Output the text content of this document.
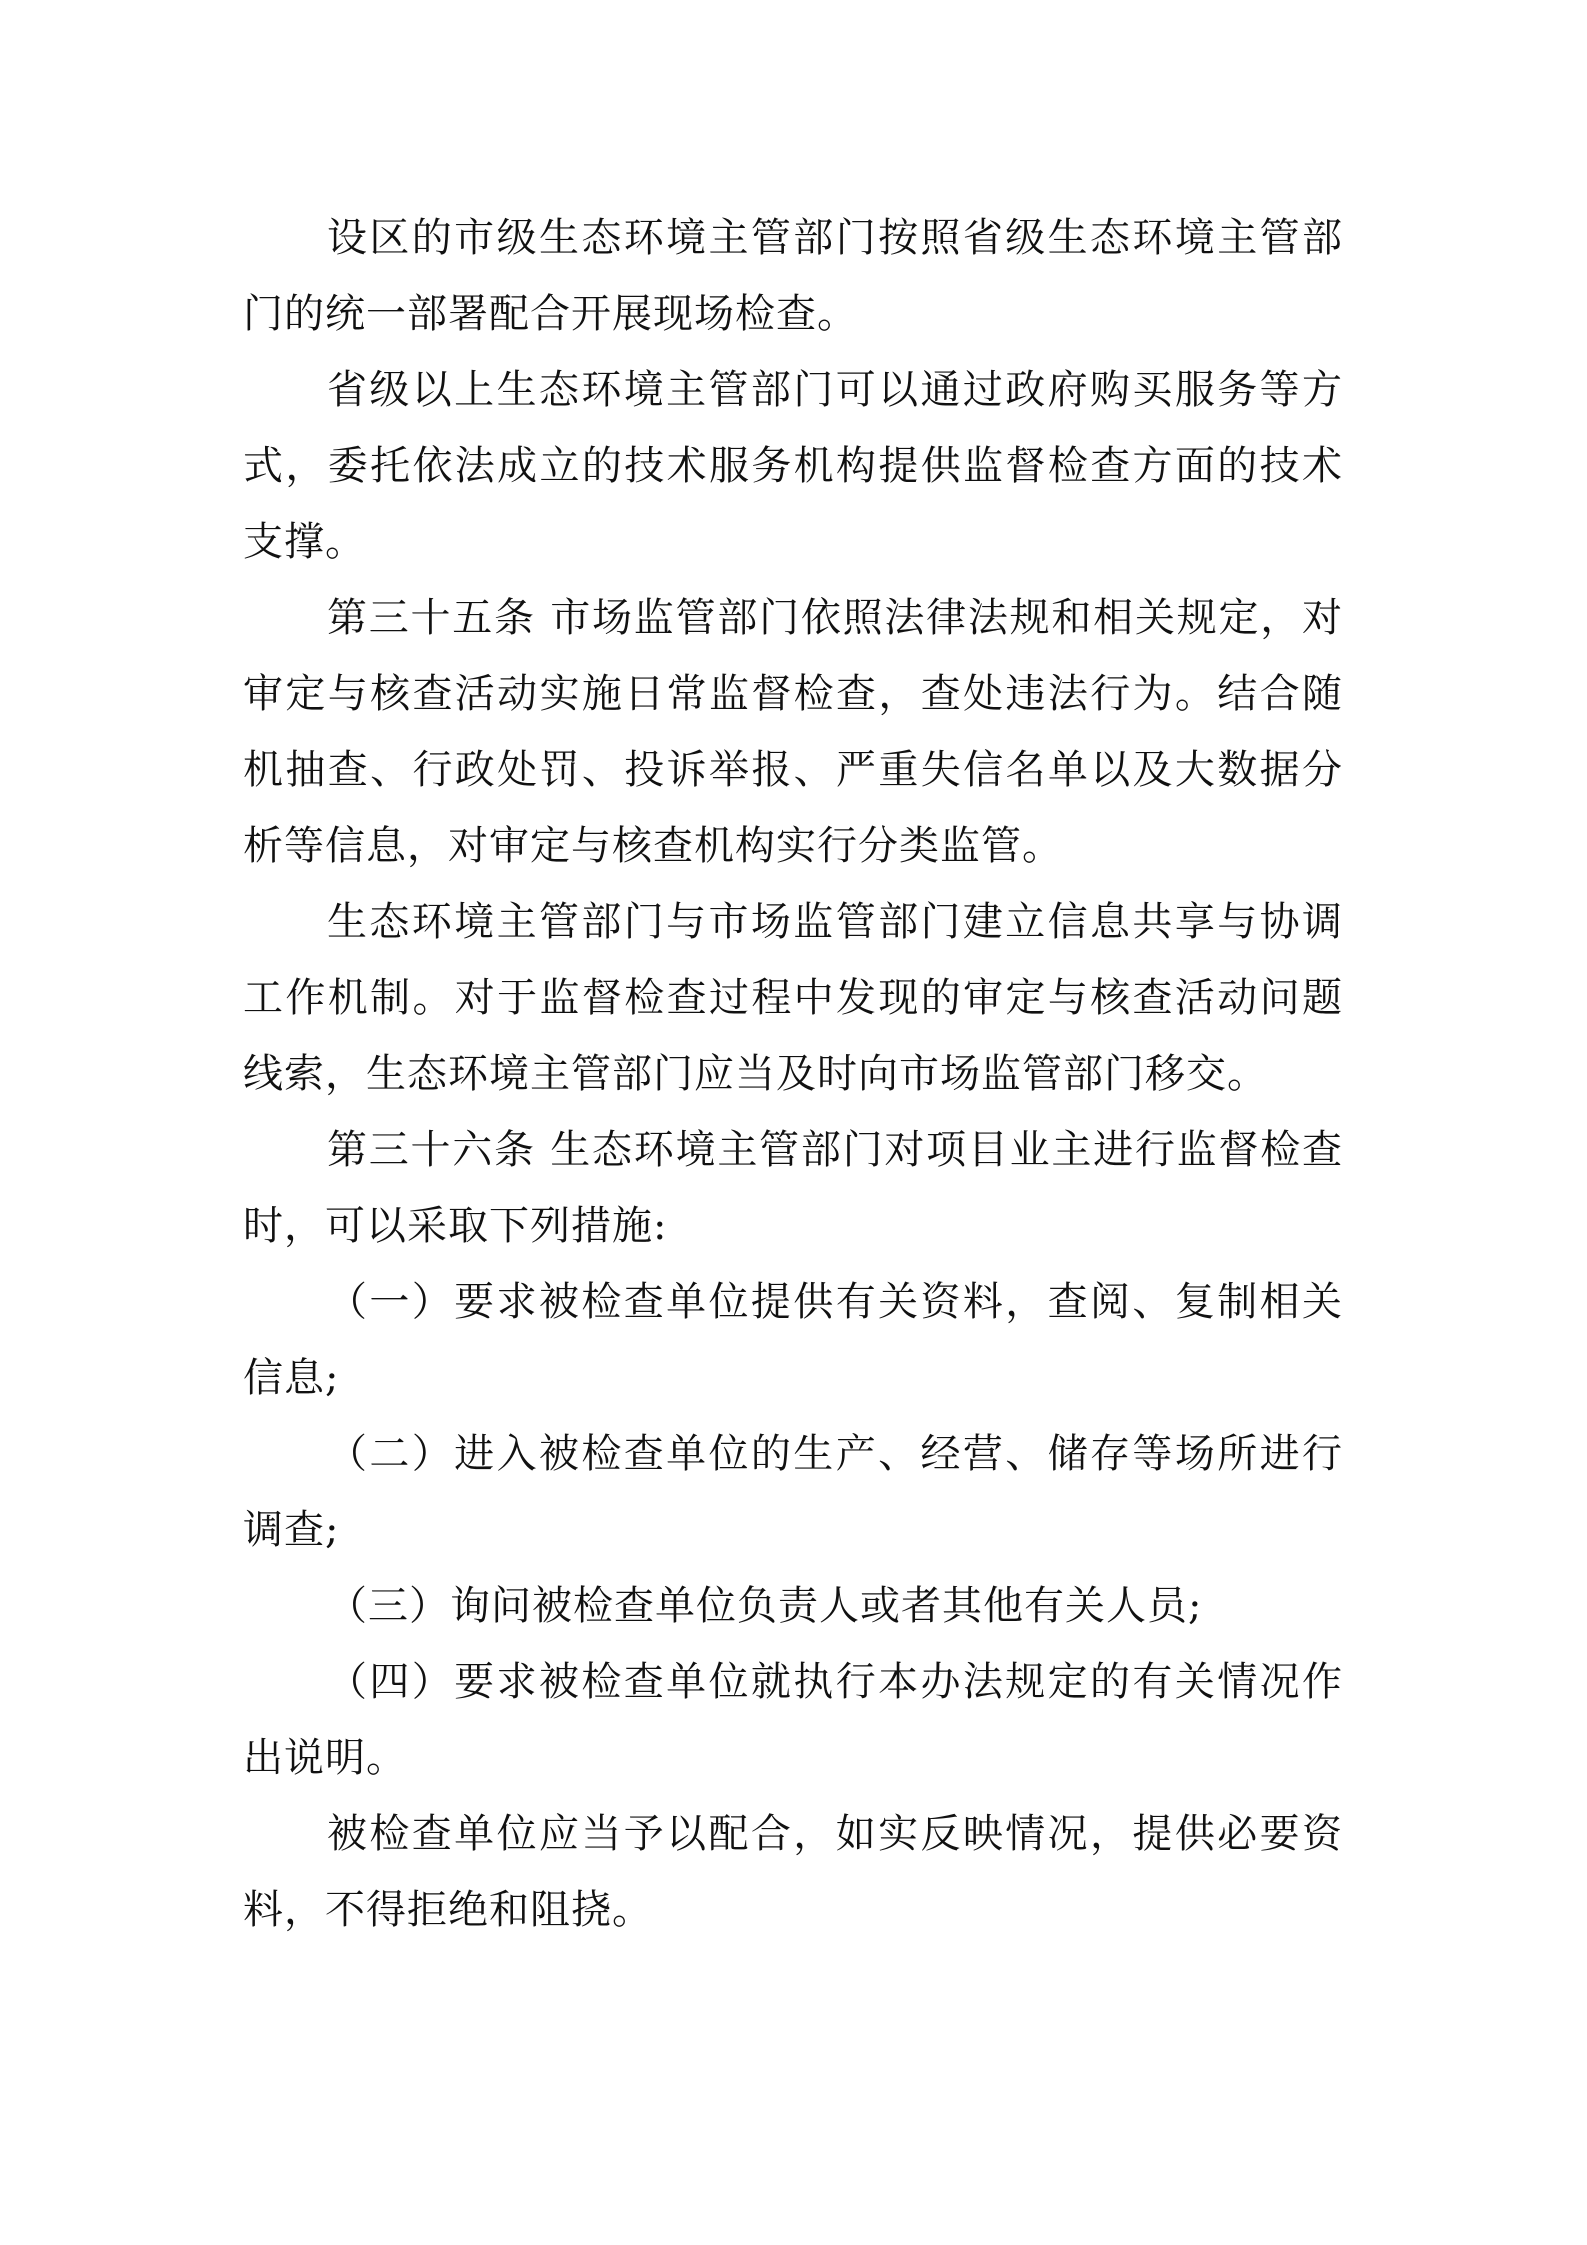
设区的市级生态环境主管部门按照省级生态环境主管部门的统一部署配合开展现场检查。

省级以上生态环境主管部门可以通过政府购买服务等方式，委托依法成立的技术服务机构提供监督检查方面的技术支撑。

第三十五条 市场监管部门依照法律法规和相关规定，对审定与核查活动实施日常监督检查，查处违法行为。结合随机抽查、行政处罚、投诉举报、严重失信名单以及大数据分析等信息，对审定与核查机构实行分类监管。

生态环境主管部门与市场监管部门建立信息共享与协调工作机制。对于监督检查过程中发现的审定与核查活动问题线索，生态环境主管部门应当及时向市场监管部门移交。

第三十六条 生态环境主管部门对项目业主进行监督检查时，可以采取下列措施:

（一）要求被检查单位提供有关资料，查阅、复制相关信息;

（二）进入被检查单位的生产、经营、储存等场所进行调查;

（三）询问被检查单位负责人或者其他有关人员;

（四）要求被检查单位就执行本办法规定的有关情况作出说明。

被检查单位应当予以配合，如实反映情况，提供必要资料，不得拒绝和阻挠。
